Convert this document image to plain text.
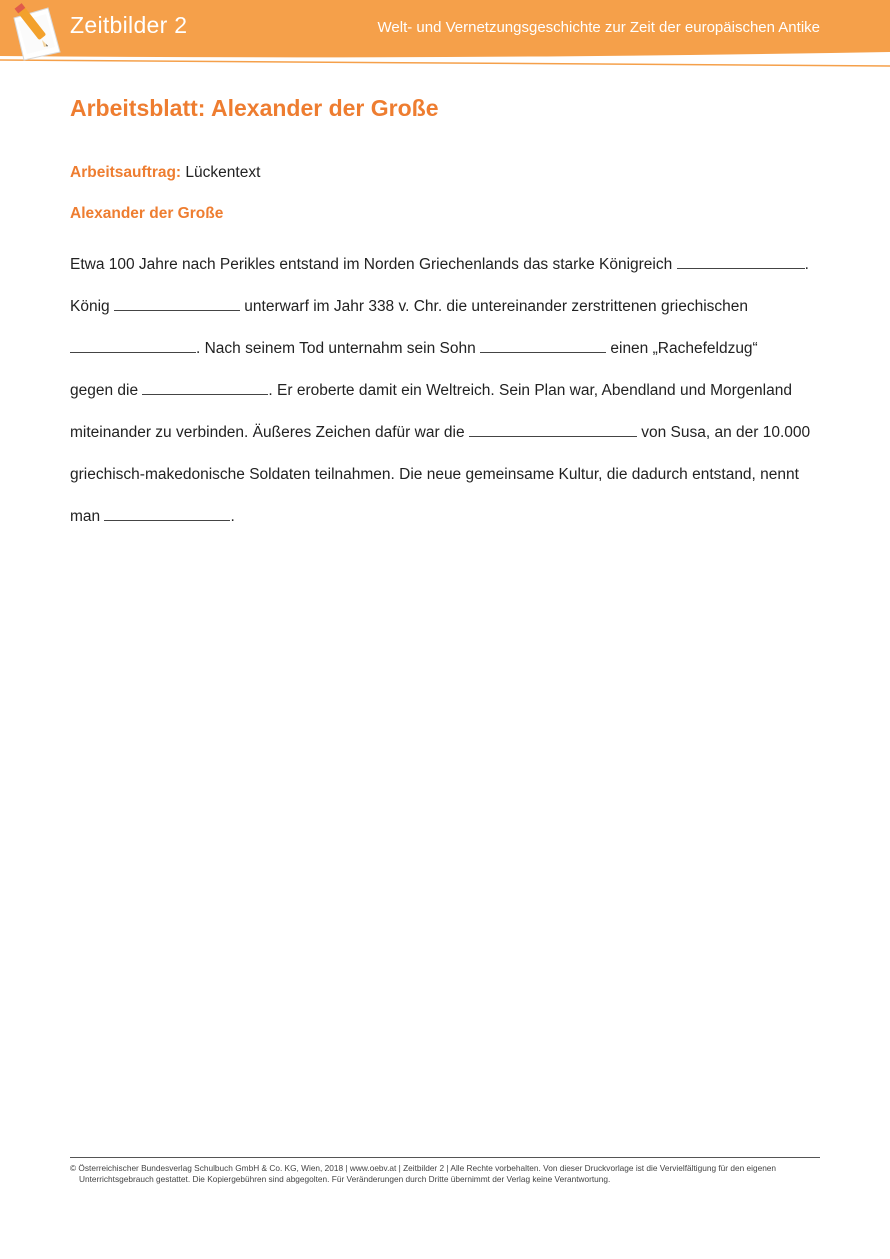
Zeitbilder 2	Welt- und Vernetzungsgeschichte zur Zeit der europäischen Antike
Arbeitsblatt: Alexander der Große
Arbeitsauftrag: Lückentext
Alexander der Große
Etwa 100 Jahre nach Perikles entstand im Norden Griechenlands das starke Königreich	.
König	unterwarf im Jahr 338 v. Chr. die untereinander zerstrittenen griechischen
. Nach seinem Tod unternahm sein Sohn	einen „Rachefeldzug“
gegen die	. Er eroberte damit ein Weltreich. Sein Plan war, Abendland und Morgenland
miteinander zu verbinden. Äußeres Zeichen dafür war die	von Susa, an der 10.000
griechisch-makedonische Soldaten teilnahmen. Die neue gemeinsame Kultur, die dadurch entstand, nennt
man	.
© Österreichischer Bundesverlag Schulbuch GmbH & Co. KG, Wien, 2018 | www.oebv.at | Zeitbilder 2 | Alle Rechte vorbehalten. Von dieser Druckvorlage ist die Vervielfältigung für den eigenen
Unterrichtsgebrauch gestattet. Die Kopiergebühren sind abgegolten. Für Veränderungen durch Dritte übernimmt der Verlag keine Verantwortung.
